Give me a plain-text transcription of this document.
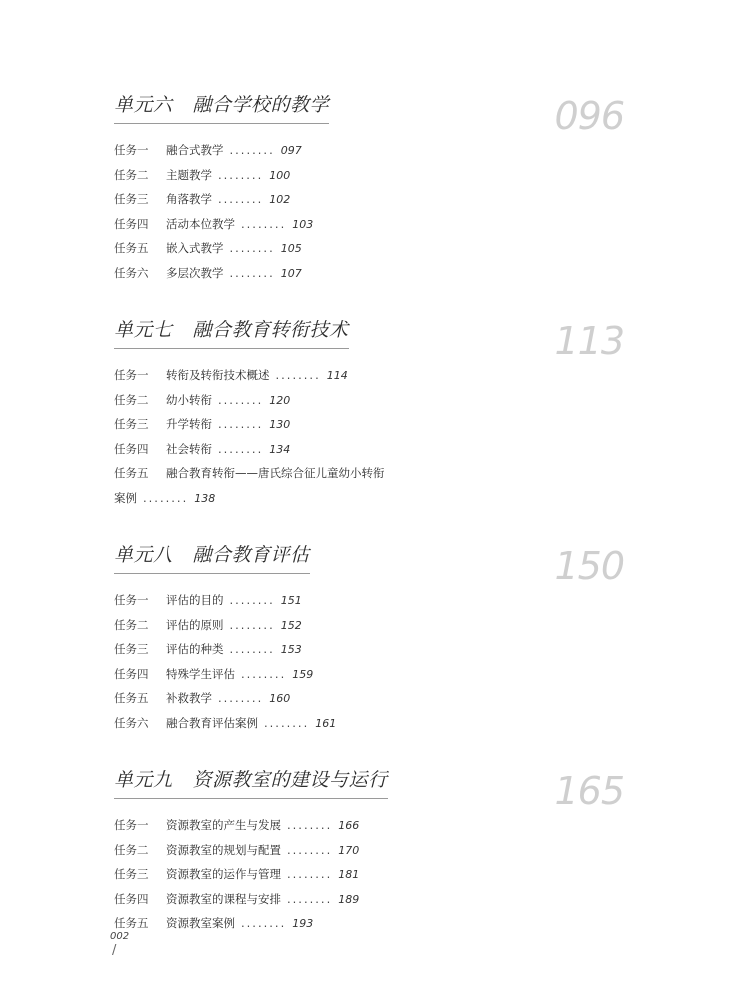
单元六 融合学校的教学	096
任务一 融合式教学 ........ 097
任务二 主题教学 ........ 100
任务三 角落教学 ........ 102
任务四 活动本位教学 ........ 103
任务五 嵌入式教学 ........ 105
任务六 多层次教学 ........ 107
单元七 融合教育转衔技术	113
任务一 转衔及转衔技术概述 ........ 114
任务二 幼小转衔 ........ 120
任务三 升学转衔 ........ 130
任务四 社会转衔 ........ 134
任务五 融合教育转衔——唐氏综合征儿童幼小转衔
案例 ........ 138
单元八 融合教育评估	150
任务一 评估的目的 ........ 151
任务二 评估的原则 ........ 152
任务三 评估的种类 ........ 153
任务四 特殊学生评估 ........ 159
任务五 补救教学 ........ 160
任务六 融合教育评估案例 ........ 161
单元九 资源教室的建设与运行	165
任务一 资源教室的产生与发展 ........ 166
任务二 资源教室的规划与配置 ........ 170
任务三 资源教室的运作与管理 ........ 181
任务四 资源教室的课程与安排 ........ 189
任务五 资源教室案例 ........ 193
002
/
